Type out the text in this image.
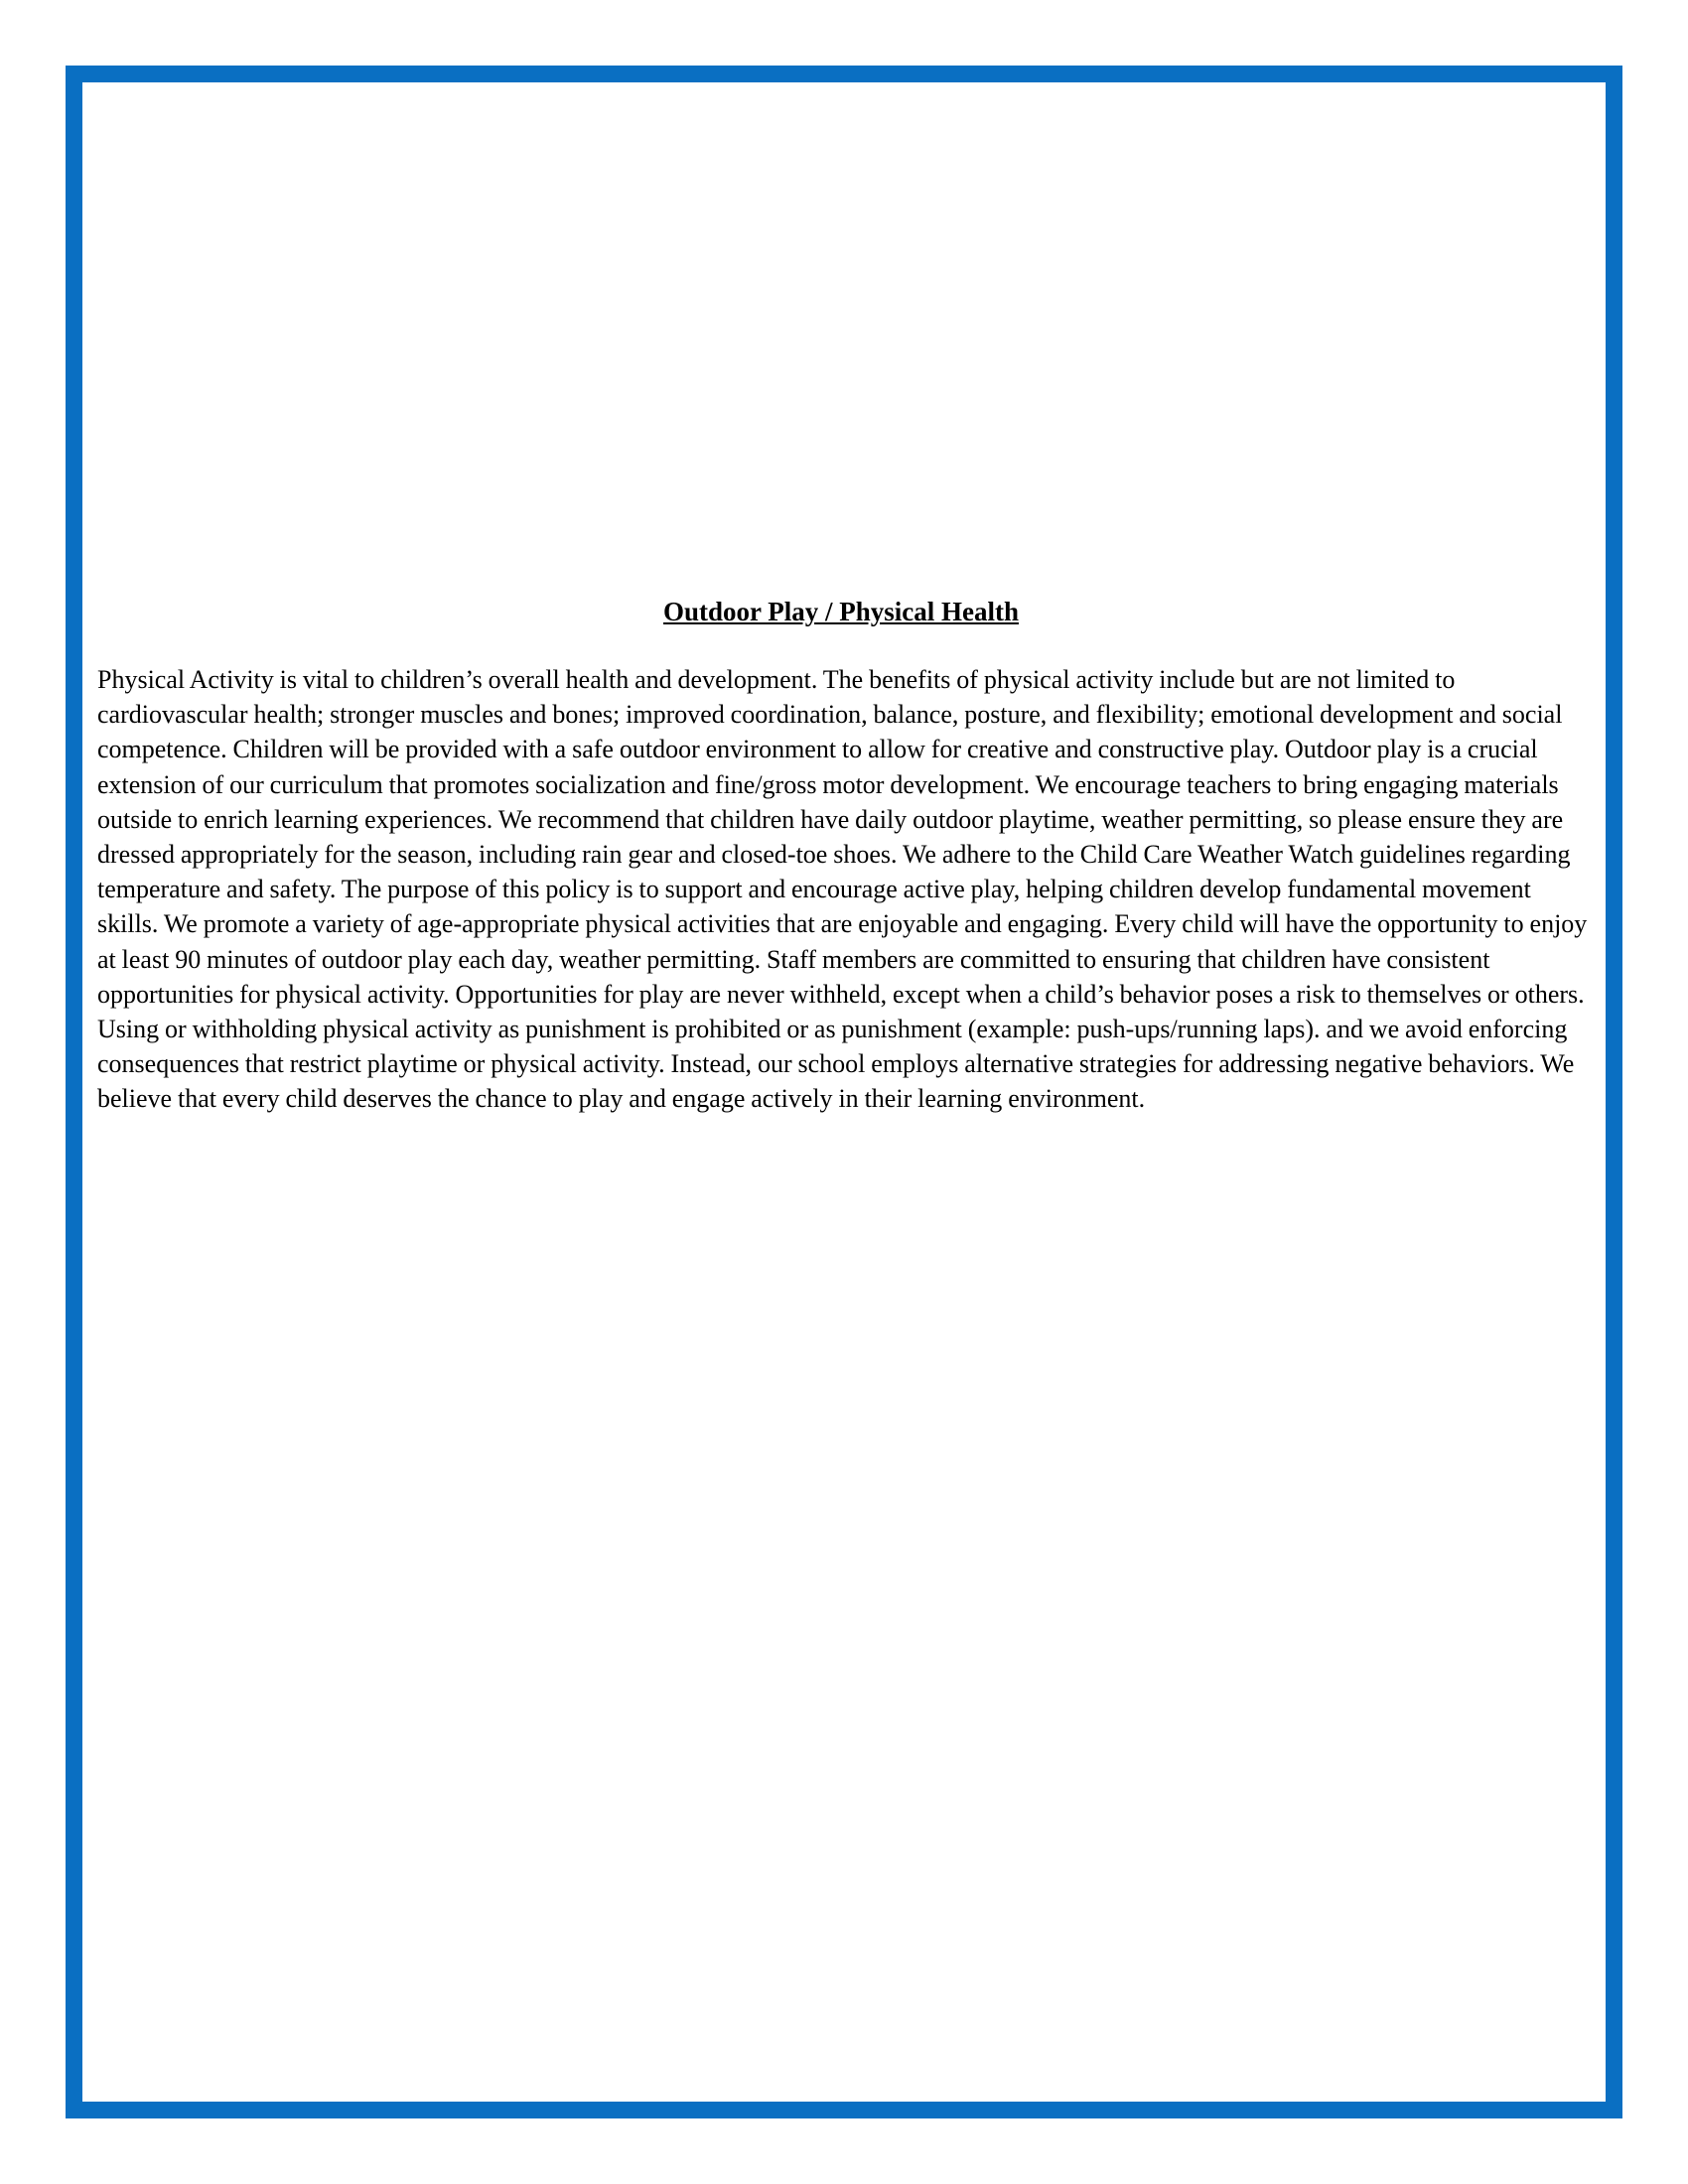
Outdoor Play / Physical Health

Physical Activity is vital to children’s overall health and development. The benefits of physical activity include but are not limited to cardiovascular health; stronger muscles and bones; improved coordination, balance, posture, and flexibility; emotional development and social competence. Children will be provided with a safe outdoor environment to allow for creative and constructive play. Outdoor play is a crucial extension of our curriculum that promotes socialization and fine/gross motor development. We encourage teachers to bring engaging materials outside to enrich learning experiences. We recommend that children have daily outdoor playtime, weather permitting, so please ensure they are dressed appropriately for the season, including rain gear and closed-toe shoes. We adhere to the Child Care Weather Watch guidelines regarding temperature and safety. The purpose of this policy is to support and encourage active play, helping children develop fundamental movement skills. We promote a variety of age-appropriate physical activities that are enjoyable and engaging. Every child will have the opportunity to enjoy at least 90 minutes of outdoor play each day, weather permitting. Staff members are committed to ensuring that children have consistent opportunities for physical activity. Opportunities for play are never withheld, except when a child’s behavior poses a risk to themselves or others. Using or withholding physical activity as punishment is prohibited or as punishment (example: push-ups/running laps). and we avoid enforcing consequences that restrict playtime or physical activity. Instead, our school employs alternative strategies for addressing negative behaviors. We believe that every child deserves the chance to play and engage actively in their learning environment.
